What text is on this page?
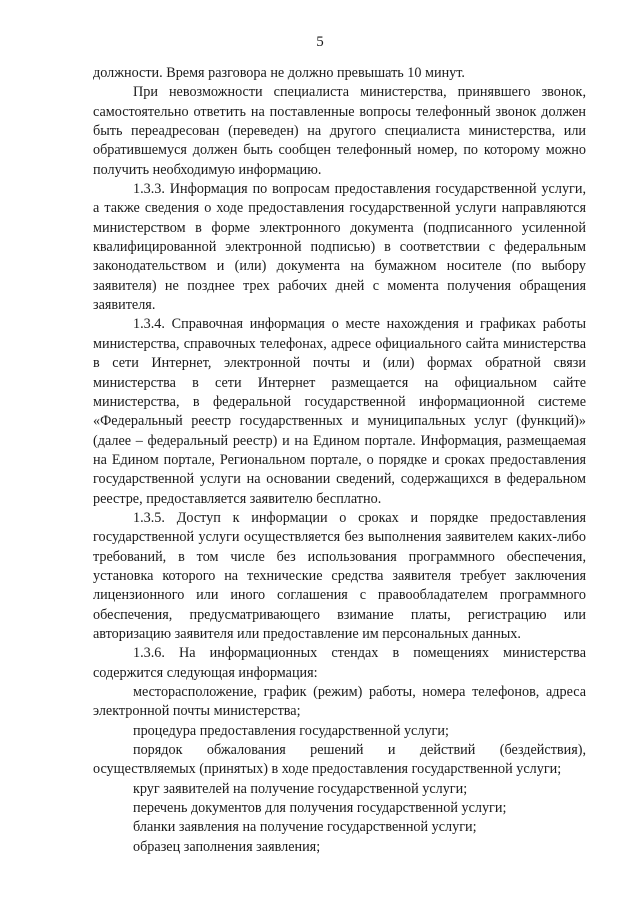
5

должности. Время разговора не должно превышать 10 минут.

При невозможности специалиста министерства, принявшего звонок, самостоятельно ответить на поставленные вопросы телефонный звонок должен быть переадресован (переведен) на другого специалиста министерства, или обратившемуся должен быть сообщен телефонный номер, по которому можно получить необходимую информацию.

1.3.3. Информация по вопросам предоставления государственной услуги, а также сведения о ходе предоставления государственной услуги направляются министерством в форме электронного документа (подписанного усиленной квалифицированной электронной подписью) в соответствии с федеральным законодательством и (или) документа на бумажном носителе (по выбору заявителя) не позднее трех рабочих дней с момента получения обращения заявителя.

1.3.4. Справочная информация о месте нахождения и графиках работы министерства, справочных телефонах, адресе официального сайта министерства в сети Интернет, электронной почты и (или) формах обратной связи министерства в сети Интернет размещается на официальном сайте министерства, в федеральной государственной информационной системе «Федеральный реестр государственных и муниципальных услуг (функций)» (далее – федеральный реестр) и на Едином портале. Информация, размещаемая на Едином портале, Региональном портале, о порядке и сроках предоставления государственной услуги на основании сведений, содержащихся в федеральном реестре, предоставляется заявителю бесплатно.

1.3.5. Доступ к информации о сроках и порядке предоставления государственной услуги осуществляется без выполнения заявителем каких-либо требований, в том числе без использования программного обеспечения, установка которого на технические средства заявителя требует заключения лицензионного или иного соглашения с правообладателем программного обеспечения, предусматривающего взимание платы, регистрацию или авторизацию заявителя или предоставление им персональных данных.

1.3.6. На информационных стендах в помещениях министерства содержится следующая информация:

месторасположение, график (режим) работы, номера телефонов, адреса электронной почты министерства;

процедура предоставления государственной услуги;

порядок обжалования решений и действий (бездействия), осуществляемых (принятых) в ходе предоставления государственной услуги;

круг заявителей на получение государственной услуги;

перечень документов для получения государственной услуги;

бланки заявления на получение государственной услуги;

образец заполнения заявления;
